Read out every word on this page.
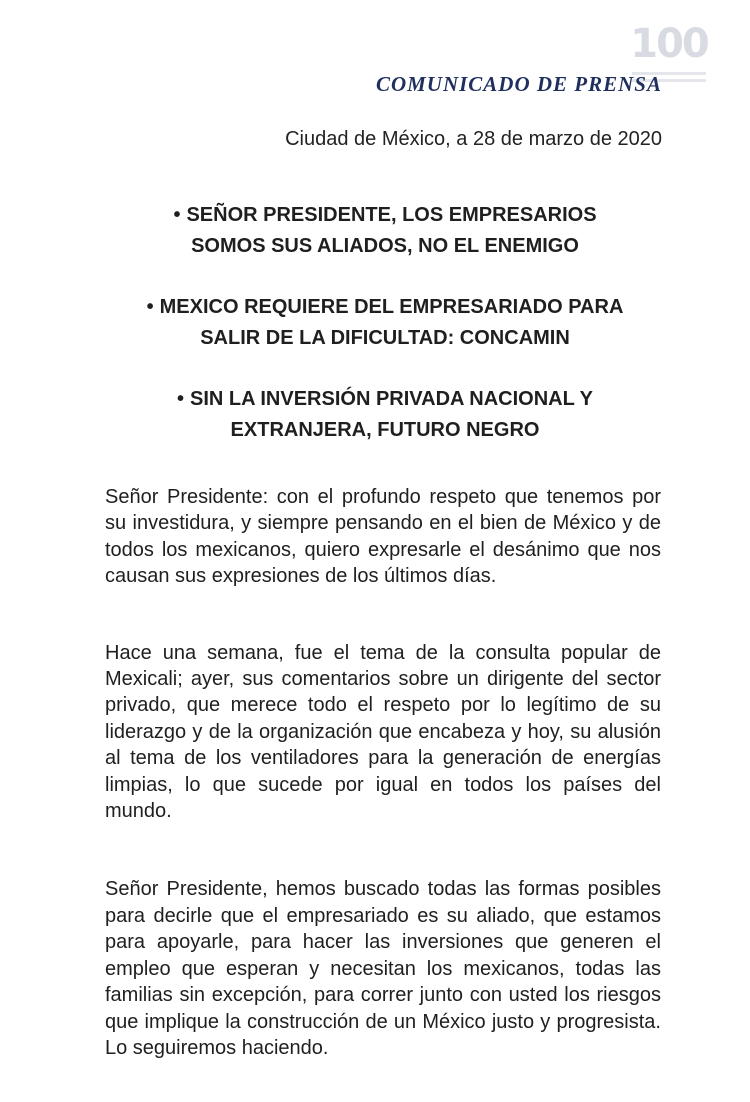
100
COMUNICADO DE PRENSA
Ciudad de México, a 28 de marzo de 2020
• SEÑOR PRESIDENTE, LOS EMPRESARIOS
SOMOS SUS ALIADOS, NO EL ENEMIGO
• MEXICO REQUIERE DEL EMPRESARIADO PARA
SALIR DE LA DIFICULTAD: CONCAMIN
• SIN LA INVERSIÓN PRIVADA NACIONAL Y
EXTRANJERA, FUTURO NEGRO

Señor Presidente: con el profundo respeto que tenemos por su investidura, y siempre pensando en el bien de México y de todos los mexicanos, quiero expresarle el desánimo que nos causan sus expresiones de los últimos días.

Hace una semana, fue el tema de la consulta popular de Mexicali; ayer, sus comentarios sobre un dirigente del sector privado, que merece todo el respeto por lo legítimo de su liderazgo y de la organización que encabeza y hoy, su alusión al tema de los ventiladores para la generación de energías limpias, lo que sucede por igual en todos los países del mundo.

Señor Presidente, hemos buscado todas las formas posibles para decirle que el empresariado es su aliado, que estamos para apoyarle, para hacer las inversiones que generen el empleo que esperan y necesitan los mexicanos, todas las familias sin excepción, para correr junto con usted los riesgos que implique la construcción de un México justo y progresista. Lo seguiremos haciendo.
